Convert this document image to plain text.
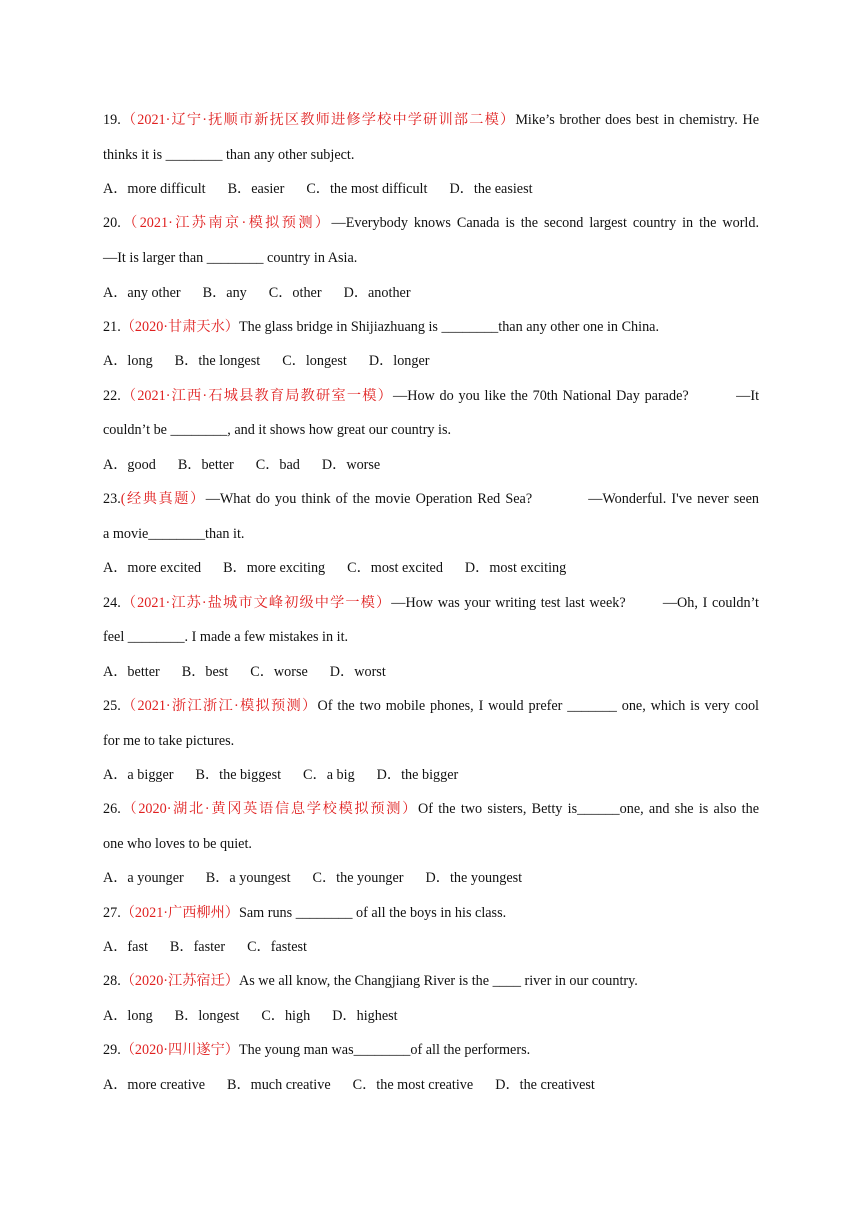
19.（2021·辽宁·抚顺市新抚区教师进修学校中学研训部二模）Mike’s brother does best in chemistry. He
thinks it is ________ than any other subject.
A．more difficult B．easier C．the most difficult D．the easiest
20.（2021·江苏南京·模拟预测）—Everybody knows Canada is the second largest country in the world.
—It is larger than ________ country in Asia.
A．any other B．any C．other D．another
21.（2020·甘肃天水）The glass bridge in Shijiazhuang is ________than any other one in China.
A．long B．the longest C．longest D．longer
22.（2021·江西·石城县教育局教研室一模）—How do you like the 70th National Day parade?          —It
couldn’t be ________, and it shows how great our country is.
A．good B．better C．bad D．worse
23.(经典真题）—What do you think of the movie Operation Red Sea?           —Wonderful. I've never seen
a movie________than it.
A．more excited B．more exciting C．most excited D．most exciting
24.（2021·江苏·盐城市文峰初级中学一模）—How was your writing test last week?        —Oh, I couldn’t
feel ________. I made a few mistakes in it.
A．better B．best C．worse D．worst
25.（2021·浙江浙江·模拟预测）Of the two mobile phones, I would prefer _______ one, which is very cool
for me to take pictures.
A．a bigger B．the biggest C．a big D．the bigger
26.（2020·湖北·黄冈英语信息学校模拟预测）Of the two sisters, Betty is______one, and she is also the
one who loves to be quiet.
A．a younger B．a youngest C．the younger D．the youngest
27.（2021·广西柳州）Sam runs ________ of all the boys in his class.
A．fast B．faster C．fastest
28.（2020·江苏宿迁）As we all know, the Changjiang River is the ____ river in our country.
A．long B．longest C．high D．highest
29.（2020·四川遂宁）The young man was________of all the performers.
A．more creative B．much creative C．the most creative D．the creativest
